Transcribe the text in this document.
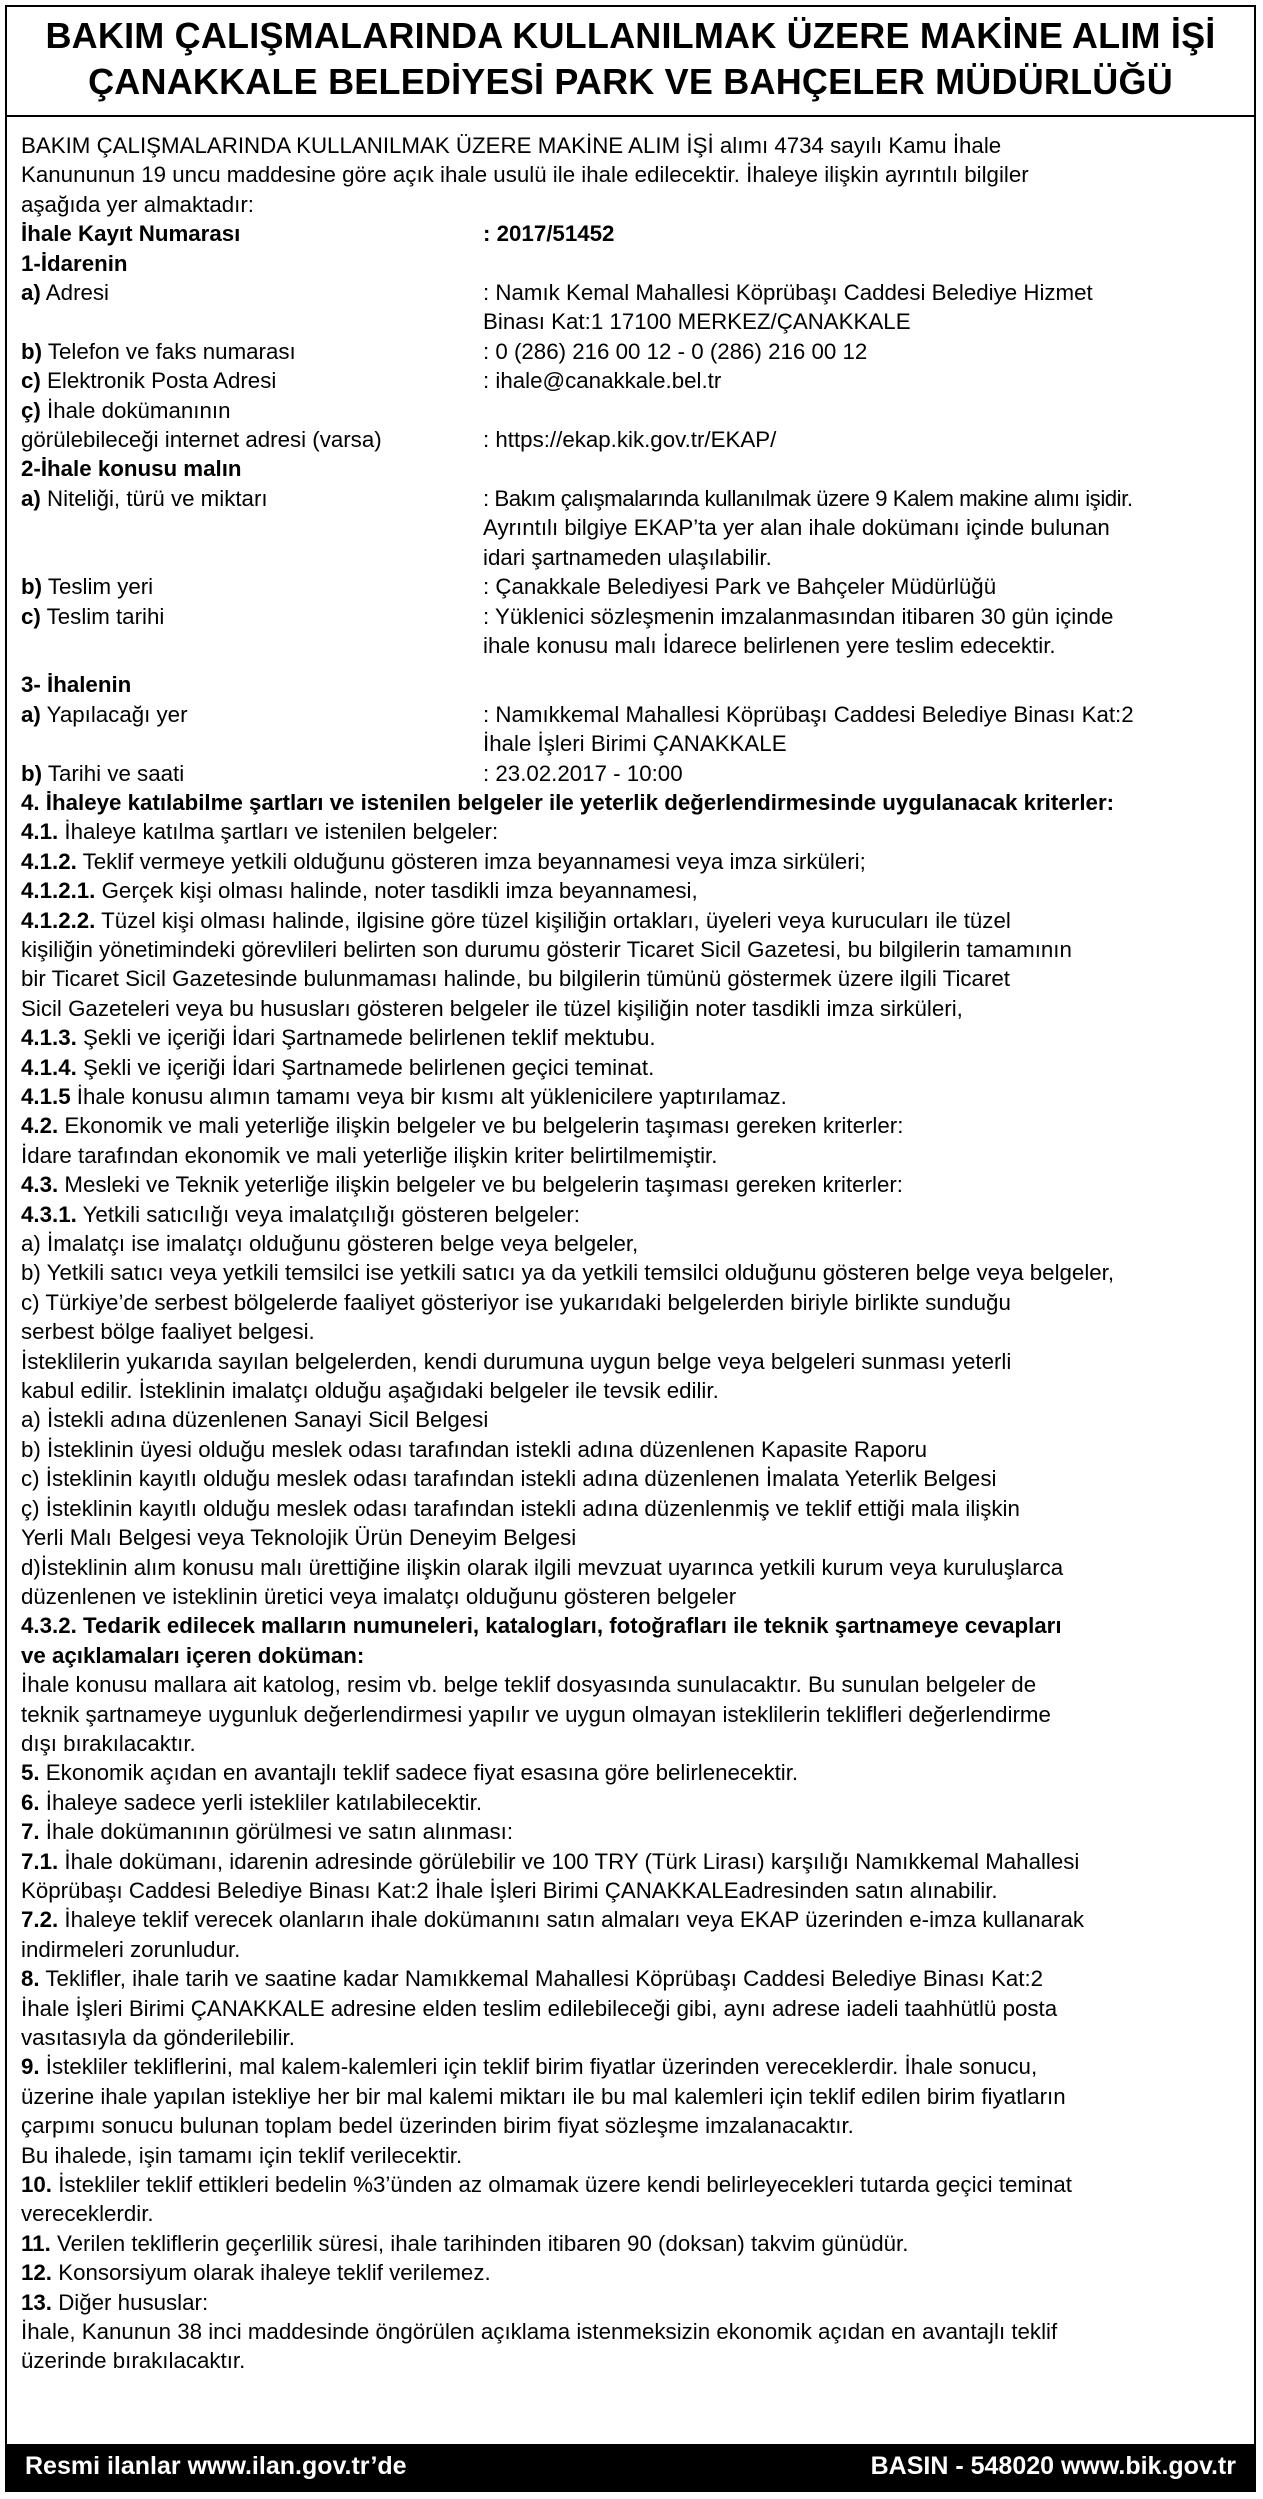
BAKIM ÇALIŞMALARINDA KULLANILMAK ÜZERE MAKİNE ALIM İŞİ
ÇANAKKALE BELEDİYESİ PARK VE BAHÇELER MÜDÜRLÜĞÜ
BAKIM ÇALIŞMALARINDA KULLANILMAK ÜZERE MAKİNE ALIM İŞİ alımı 4734 sayılı Kamu İhale
Kanununun 19 uncu maddesine göre açık ihale usulü ile ihale edilecektir. İhaleye ilişkin ayrıntılı bilgiler
aşağıda yer almaktadır:
İhale Kayıt Numarası	: 2017/51452
1-İdarenin
a) Adresi	: Namık Kemal Mahallesi Köprübaşı Caddesi Belediye Hizmet
Binası Kat:1 17100 MERKEZ/ÇANAKKALE
b) Telefon ve faks numarası	: 0 (286) 216 00 12 - 0 (286) 216 00 12
c) Elektronik Posta Adresi	: ihale@canakkale.bel.tr
ç) İhale dokümanının
görülebileceği internet adresi (varsa)	: https://ekap.kik.gov.tr/EKAP/
2-İhale konusu malın
a) Niteliği, türü ve miktarı	: Bakım çalışmalarında kullanılmak üzere 9 Kalem makine alımı işidir.
Ayrıntılı bilgiye EKAP’ta yer alan ihale dokümanı içinde bulunan
idari şartnameden ulaşılabilir.
b) Teslim yeri	: Çanakkale Belediyesi Park ve Bahçeler Müdürlüğü
c) Teslim tarihi	: Yüklenici sözleşmenin imzalanmasından itibaren 30 gün içinde
ihale konusu malı İdarece belirlenen yere teslim edecektir.
3- İhalenin
a) Yapılacağı yer	: Namıkkemal Mahallesi Köprübaşı Caddesi Belediye Binası Kat:2
İhale İşleri Birimi ÇANAKKALE
b) Tarihi ve saati	: 23.02.2017 - 10:00
4. İhaleye katılabilme şartları ve istenilen belgeler ile yeterlik değerlendirmesinde uygulanacak kriterler:
4.1. İhaleye katılma şartları ve istenilen belgeler:
4.1.2. Teklif vermeye yetkili olduğunu gösteren imza beyannamesi veya imza sirküleri;
4.1.2.1. Gerçek kişi olması halinde, noter tasdikli imza beyannamesi,
4.1.2.2. Tüzel kişi olması halinde, ilgisine göre tüzel kişiliğin ortakları, üyeleri veya kurucuları ile tüzel
kişiliğin yönetimindeki görevlileri belirten son durumu gösterir Ticaret Sicil Gazetesi, bu bilgilerin tamamının
bir Ticaret Sicil Gazetesinde bulunmaması halinde, bu bilgilerin tümünü göstermek üzere ilgili Ticaret
Sicil Gazeteleri veya bu hususları gösteren belgeler ile tüzel kişiliğin noter tasdikli imza sirküleri,
4.1.3. Şekli ve içeriği İdari Şartnamede belirlenen teklif mektubu.
4.1.4. Şekli ve içeriği İdari Şartnamede belirlenen geçici teminat.
4.1.5 İhale konusu alımın tamamı veya bir kısmı alt yüklenicilere yaptırılamaz.
4.2. Ekonomik ve mali yeterliğe ilişkin belgeler ve bu belgelerin taşıması gereken kriterler:
İdare tarafından ekonomik ve mali yeterliğe ilişkin kriter belirtilmemiştir.
4.3. Mesleki ve Teknik yeterliğe ilişkin belgeler ve bu belgelerin taşıması gereken kriterler:
4.3.1. Yetkili satıcılığı veya imalatçılığı gösteren belgeler:
a) İmalatçı ise imalatçı olduğunu gösteren belge veya belgeler,
b) Yetkili satıcı veya yetkili temsilci ise yetkili satıcı ya da yetkili temsilci olduğunu gösteren belge veya belgeler,
c) Türkiye’de serbest bölgelerde faaliyet gösteriyor ise yukarıdaki belgelerden biriyle birlikte sunduğu
serbest bölge faaliyet belgesi.
İsteklilerin yukarıda sayılan belgelerden, kendi durumuna uygun belge veya belgeleri sunması yeterli
kabul edilir. İsteklinin imalatçı olduğu aşağıdaki belgeler ile tevsik edilir.
a) İstekli adına düzenlenen Sanayi Sicil Belgesi
b) İsteklinin üyesi olduğu meslek odası tarafından istekli adına düzenlenen Kapasite Raporu
c) İsteklinin kayıtlı olduğu meslek odası tarafından istekli adına düzenlenen İmalata Yeterlik Belgesi
ç) İsteklinin kayıtlı olduğu meslek odası tarafından istekli adına düzenlenmiş ve teklif ettiği mala ilişkin
Yerli Malı Belgesi veya Teknolojik Ürün Deneyim Belgesi
d)İsteklinin alım konusu malı ürettiğine ilişkin olarak ilgili mevzuat uyarınca yetkili kurum veya kuruluşlarca
düzenlenen ve isteklinin üretici veya imalatçı olduğunu gösteren belgeler
4.3.2. Tedarik edilecek malların numuneleri, katalogları, fotoğrafları ile teknik şartnameye cevapları
ve açıklamaları içeren doküman:
İhale konusu mallara ait katolog, resim vb. belge teklif dosyasında sunulacaktır. Bu sunulan belgeler de
teknik şartnameye uygunluk değerlendirmesi yapılır ve uygun olmayan isteklilerin teklifleri değerlendirme
dışı bırakılacaktır.
5. Ekonomik açıdan en avantajlı teklif sadece fiyat esasına göre belirlenecektir.
6. İhaleye sadece yerli istekliler katılabilecektir.
7. İhale dokümanının görülmesi ve satın alınması:
7.1. İhale dokümanı, idarenin adresinde görülebilir ve 100 TRY (Türk Lirası) karşılığı Namıkkemal Mahallesi
Köprübaşı Caddesi Belediye Binası Kat:2 İhale İşleri Birimi ÇANAKKALEadresinden satın alınabilir.
7.2. İhaleye teklif verecek olanların ihale dokümanını satın almaları veya EKAP üzerinden e-imza kullanarak
indirmeleri zorunludur.
8. Teklifler, ihale tarih ve saatine kadar Namıkkemal Mahallesi Köprübaşı Caddesi Belediye Binası Kat:2
İhale İşleri Birimi ÇANAKKALE adresine elden teslim edilebileceği gibi, aynı adrese iadeli taahhütlü posta
vasıtasıyla da gönderilebilir.
9. İstekliler tekliflerini, mal kalem-kalemleri için teklif birim fiyatlar üzerinden vereceklerdir. İhale sonucu,
üzerine ihale yapılan istekliye her bir mal kalemi miktarı ile bu mal kalemleri için teklif edilen birim fiyatların
çarpımı sonucu bulunan toplam bedel üzerinden birim fiyat sözleşme imzalanacaktır.
Bu ihalede, işin tamamı için teklif verilecektir.
10. İstekliler teklif ettikleri bedelin %3’ünden az olmamak üzere kendi belirleyecekleri tutarda geçici teminat
vereceklerdir.
11. Verilen tekliflerin geçerlilik süresi, ihale tarihinden itibaren 90 (doksan) takvim günüdür.
12. Konsorsiyum olarak ihaleye teklif verilemez.
13. Diğer hususlar:
İhale, Kanunun 38 inci maddesinde öngörülen açıklama istenmeksizin ekonomik açıdan en avantajlı teklif
üzerinde bırakılacaktır.
Resmi ilanlar www.ilan.gov.tr’de	BASIN - 548020 www.bik.gov.tr
